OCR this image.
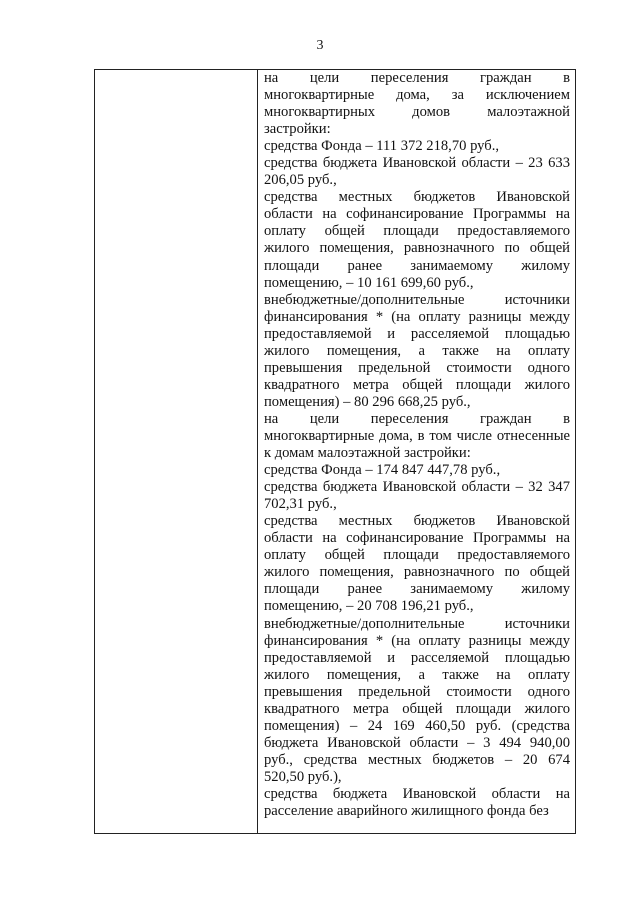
3

на цели переселения граждан в многоквартирные дома, за исключением многоквартирных домов малоэтажной застройки:

средства Фонда – 111 372 218,70 руб.,

средства бюджета Ивановской области – 23 633 206,05 руб.,

средства местных бюджетов Ивановской области на софинансирование Программы на оплату общей площади предоставляемого жилого помещения, равнозначного по общей площади ранее занимаемому жилому помещению, – 10 161 699,60 руб.,

внебюджетные/дополнительные источники финансирования * (на оплату разницы между предоставляемой и расселяемой площадью жилого помещения, а также на оплату превышения предельной стоимости одного квадратного метра общей площади жилого помещения) – 80 296 668,25 руб.,

на цели переселения граждан в многоквартирные дома, в том числе отнесенные к домам малоэтажной застройки:

средства Фонда – 174 847 447,78 руб.,

средства бюджета Ивановской области – 32 347 702,31 руб.,

средства местных бюджетов Ивановской области на софинансирование Программы на оплату общей площади предоставляемого жилого помещения, равнозначного по общей площади ранее занимаемому жилому помещению, – 20 708 196,21 руб.,

внебюджетные/дополнительные источники финансирования * (на оплату разницы между предоставляемой и расселяемой площадью жилого помещения, а также на оплату превышения предельной стоимости одного квадратного метра общей площади жилого помещения) – 24 169 460,50 руб. (средства бюджета Ивановской области – 3 494 940,00 руб., средства местных бюджетов – 20 674 520,50 руб.),

средства бюджета Ивановской области на расселение аварийного жилищного фонда без
